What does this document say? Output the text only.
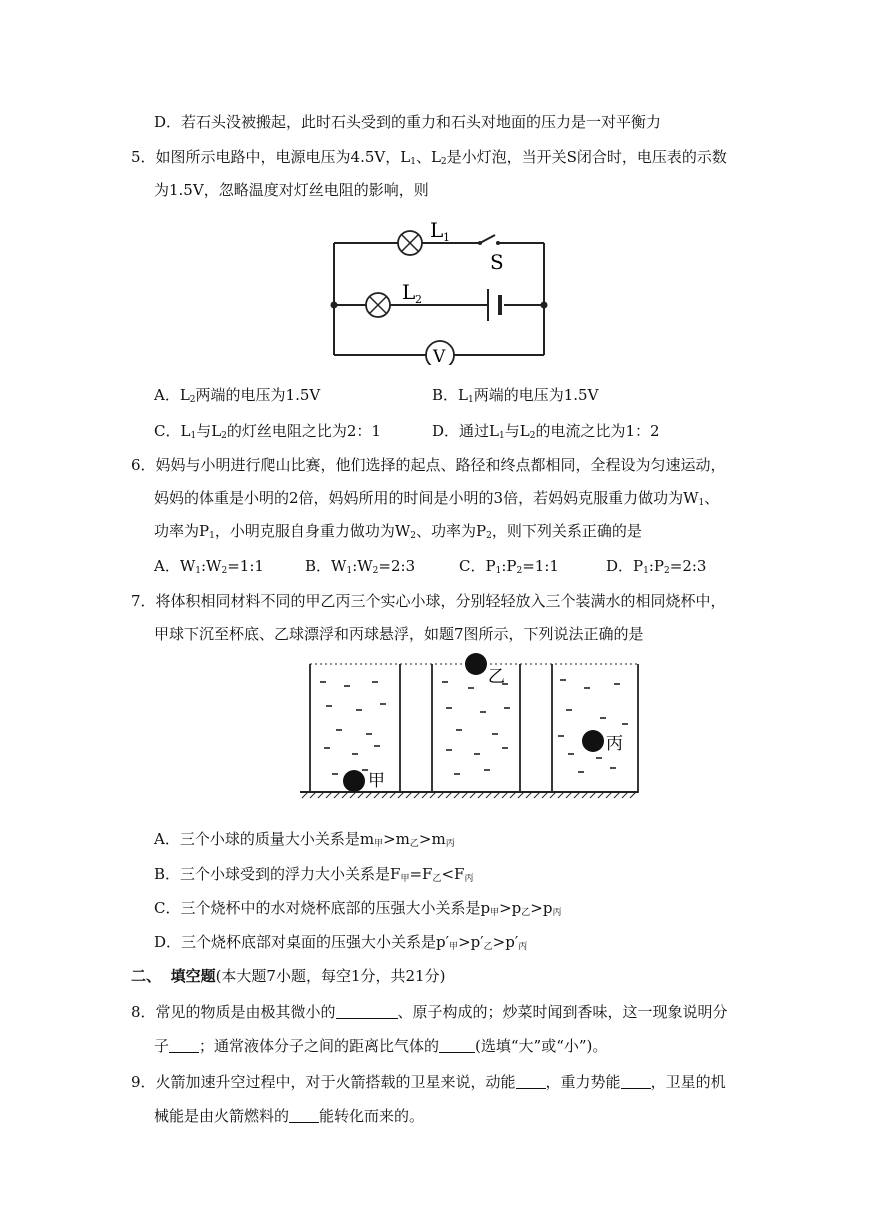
D．若石头没被搬起，此时石头受到的重力和石头对地面的压力是一对平衡力
5．如图所示电路中，电源电压为4.5V，$L_1$、$L_2$是小灯泡，当开关S闭合时，电压表的示数
为1.5V，忽略温度对灯丝电阻的影响，则
L 1
L 2
S
V
A．$L_2$两端的电压为1.5V	B．$L_1$两端的电压为1.5V
C．$L_1$与$L_2$的灯丝电阻之比为2：1	D．通过$L_1$与$L_2$的电流之比为1：2
6．妈妈与小明进行爬山比赛，他们选择的起点、路径和终点都相同，全程设为匀速运动，
妈妈的体重是小明的2倍，妈妈所用的时间是小明的3倍，若妈妈克服重力做功为$W_1$、
功率为$P_1$，小明克服自身重力做功为$W_2$、功率为$P_2$，则下列关系正确的是
A．$W_1:W_2=1:1$	B．$W_1:W_2=2:3$	C．$P_1:P_2=1:1$	D．$P_1:P_2=2:3$
7．将体积相同材料不同的甲乙丙三个实心小球，分别轻轻放入三个装满水的相同烧杯中，
甲球下沉至杯底、乙球漂浮和丙球悬浮，如题7图所示，下列说法正确的是
甲
乙
丙
A．三个小球的质量大小关系是$m_甲>m_乙>m_丙$
B．三个小球受到的浮力大小关系是$F_甲=F_乙<F_丙$
C．三个烧杯中的水对烧杯底部的压强大小关系是$p_甲>p_乙>p_丙$
D．三个烧杯底部对桌面的压强大小关系是$p'_甲>p'_乙>p'_丙$
二、 填空题(本大题7小题，每空1分，共21分)
8．常见的物质是由极其微小的	、原子构成的；炒菜时闻到香味，这一现象说明分
子 ；通常液体分子之间的距离比气体的 (选填“大”或“小”)。
9．火箭加速升空过程中，对于火箭搭载的卫星来说，动能 ，重力势能 ，卫星的机
械能是由火箭燃料的 能转化而来的。
